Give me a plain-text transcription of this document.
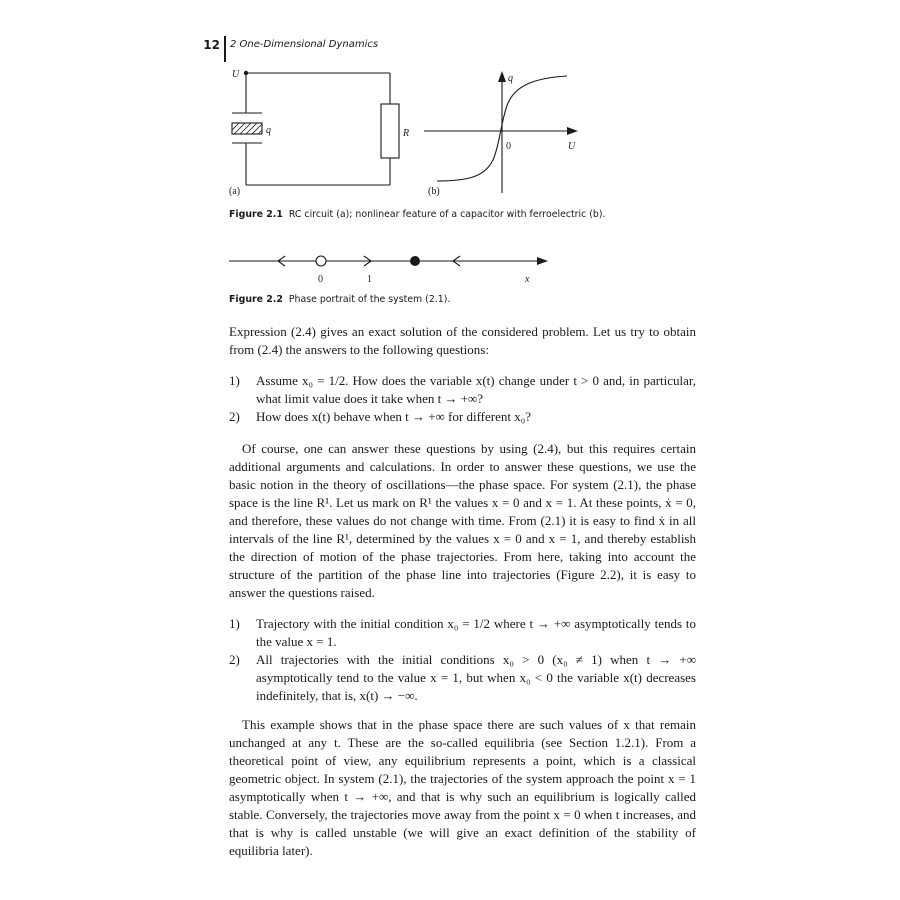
12 2 One-Dimensional Dynamics
U
q	R
(a)
q
U
0
(b)
Figure 2.1 RC circuit (a); nonlinear feature of a capacitor with ferroelectric (b).
0	1	x
Figure 2.2 Phase portrait of the system (2.1).

Expression (2.4) gives an exact solution of the considered problem. Let us try to obtain from (2.4) the answers to the following questions:

1) Assume x₀ = 1/2. How does the variable x(t) change under t > 0 and, in particular, what limit value does it take when t → +∞?
2) How does x(t) behave when t → +∞ for different x₀?

Of course, one can answer these questions by using (2.4), but this requires certain additional arguments and calculations. In order to answer these questions, we use the basic notion in the theory of oscillations—the phase space. For system (2.1), the phase space is the line R¹. Let us mark on R¹ the values x = 0 and x = 1. At these points, ẋ = 0, and therefore, these values do not change with time. From (2.1) it is easy to find ẋ in all intervals of the line R¹, determined by the values x = 0 and x = 1, and thereby establish the direction of motion of the phase trajectories. From here, taking into account the structure of the partition of the phase line into trajectories (Figure 2.2), it is easy to answer the questions raised.

1) Trajectory with the initial condition x₀ = 1/2 where t → +∞ asymptotically tends to the value x = 1.
2) All trajectories with the initial conditions x₀ > 0 (x₀ ≠ 1) when t → +∞ asymptotically tend to the value x = 1, but when x₀ < 0 the variable x(t) decreases indefinitely, that is, x(t) → −∞.

This example shows that in the phase space there are such values of x that remain unchanged at any t. These are the so-called equilibria (see Section 1.2.1). From a theoretical point of view, any equilibrium represents a point, which is a classical geometric object. In system (2.1), the trajectories of the system approach the point x = 1 asymptotically when t → +∞, and that is why such an equilibrium is logically called stable. Conversely, the trajectories move away from the point x = 0 when t increases, and that is why is called unstable (we will give an exact definition of the stability of equilibria later).
